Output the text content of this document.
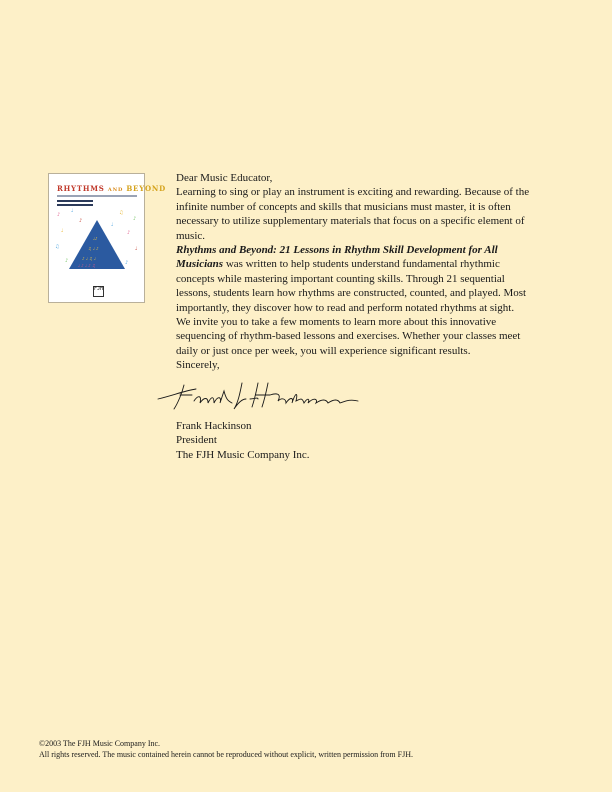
RHYTHMS AND BEYOND
♪
♩	♫
♪
♩	♪
♫	♩
♪	♪
♪
♩
♩♪
♫ ♩ ♪
♪ ♩ ♫ ♩
♩ ♪ ♩ ♪ ♫
FJH

Dear Music Educator,

Learning to sing or play an instrument is exciting and rewarding. Because of the infinite number of concepts and skills that musicians must master, it is often necessary to utilize supplementary materials that focus on a specific element of music.

Rhythms and Beyond: 21 Lessons in Rhythm Skill Development for All Musicians was written to help students understand fundamental rhythmic concepts while mastering important counting skills. Through 21 sequential lessons, students learn how rhythms are constructed, counted, and played. Most importantly, they discover how to read and perform notated rhythms at sight.

We invite you to take a few moments to learn more about this innovative sequencing of rhythm-based lessons and exercises. Whether your classes meet daily or just once per week, you will experience significant results.

Sincerely,

Frank Hackinson

President

The FJH Music Company Inc.

©2003 The FJH Music Company Inc.
All rights reserved. The music contained herein cannot be reproduced without explicit, written permission from FJH.
